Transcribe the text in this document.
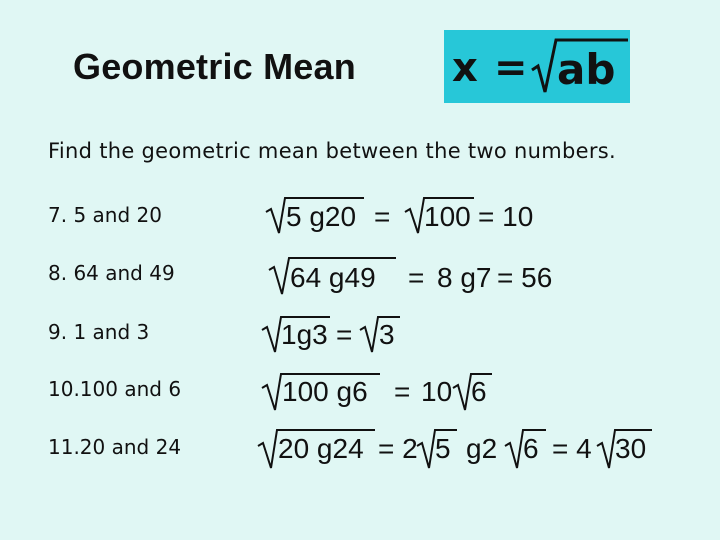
Geometric Mean x = ab
Find the geometric mean between the two numbers.
7. 5 and 20
8. 64 and 49
9. 1 and 3
10.100 and 6
11.20 and 24
5 g20 = 100 = 10
64 g49 = 8 g7 = 56
1g3 = 3
100 g6 = 10 6
20 g24 = 2 5 g2 6 = 4 30
